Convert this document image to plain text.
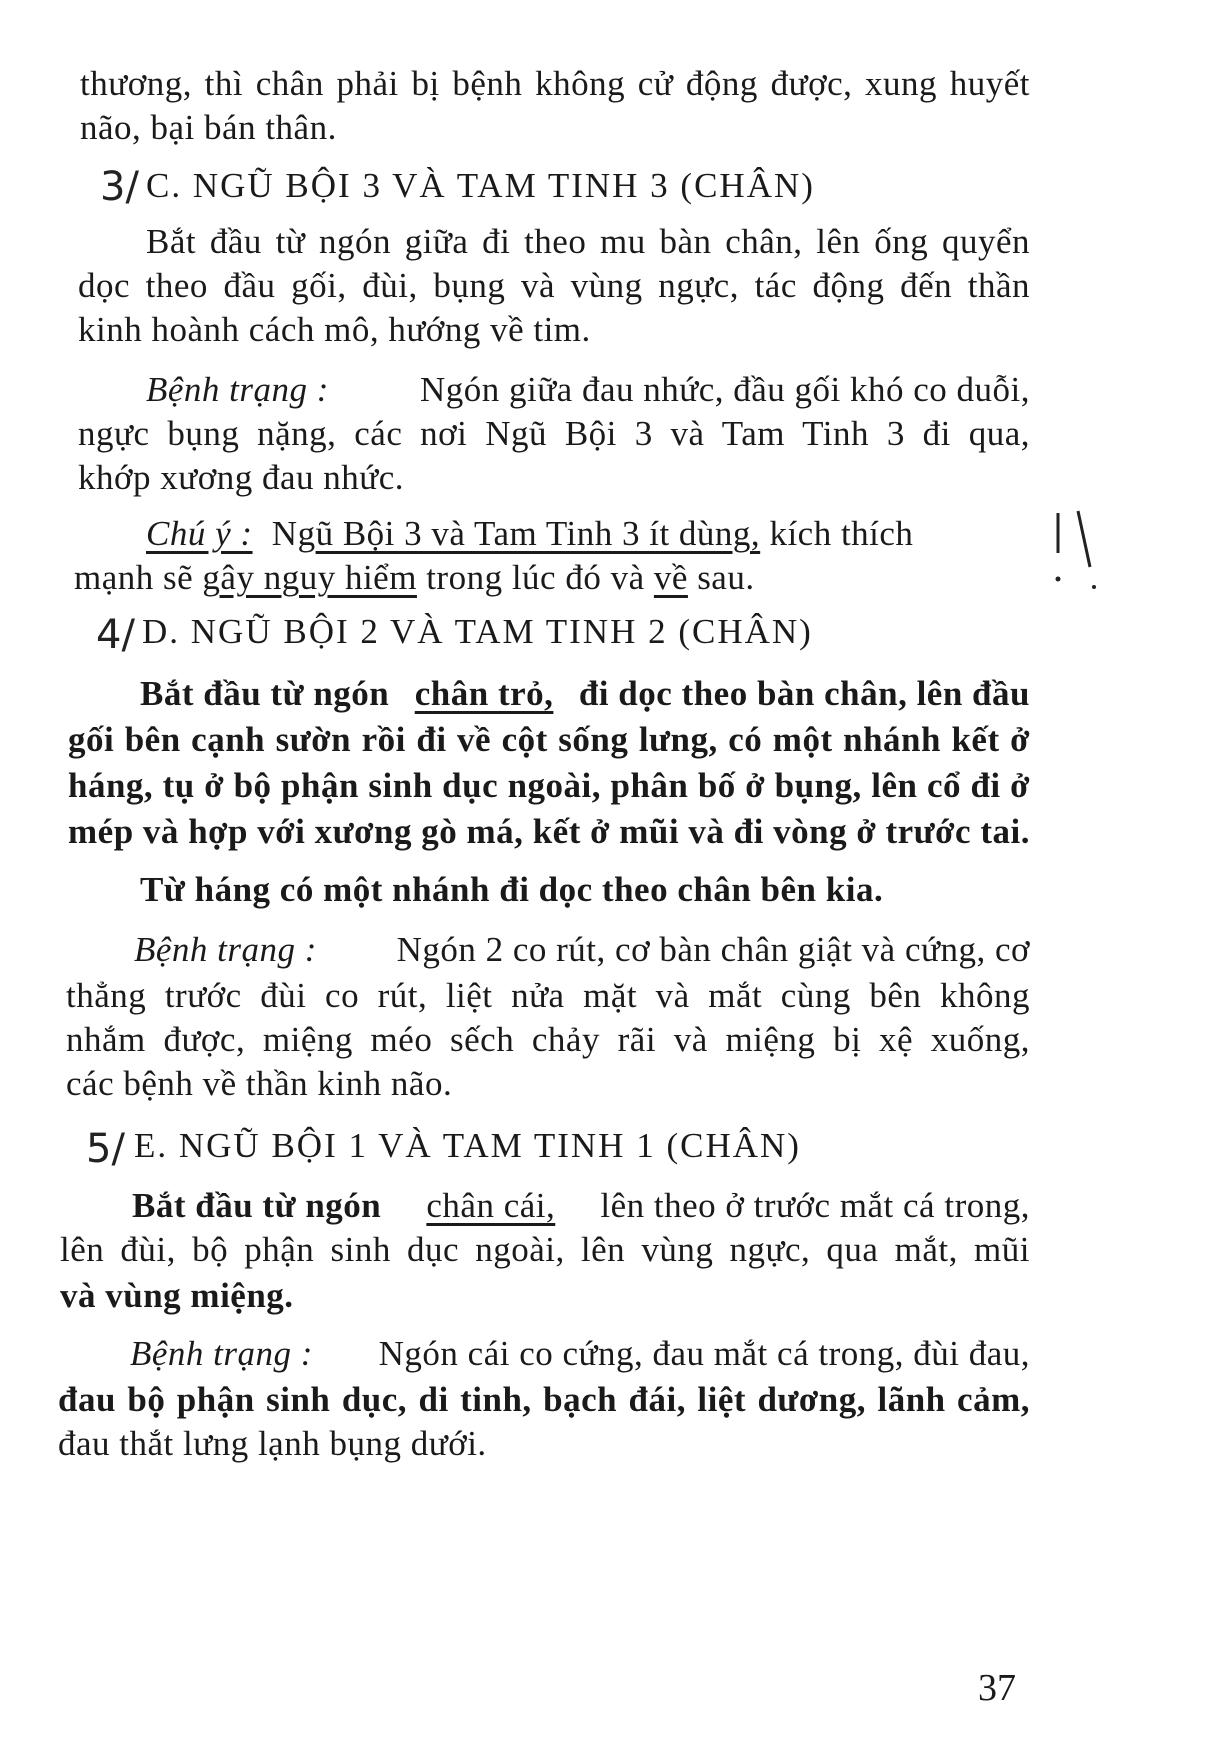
thương, thì chân phải bị bệnh không cử động được, xung huyết
não, bại bán thân.
3/ C. NGŨ BỘI 3 VÀ TAM TINH 3 (CHÂN)
Bắt đầu từ ngón giữa đi theo mu bàn chân, lên ống quyển
dọc theo đầu gối, đùi, bụng và vùng ngực, tác động đến thần
kinh hoành cách mô, hướng về tim.
Bệnh trạng :	Ngón giữa đau nhức, đầu gối khó co duỗi,
ngực bụng nặng, các nơi Ngũ Bội 3 và Tam Tinh 3 đi qua,
khớp xương đau nhức.
Chú ý : Ngũ Bội 3 và Tam Tinh 3 ít dùng, kích thích
mạnh sẽ gây nguy hiểm trong lúc đó và về sau.
4/ D. NGŨ BỘI 2 VÀ TAM TINH 2 (CHÂN)
Bắt đầu từ ngón chân trỏ, đi dọc theo bàn chân, lên đầu
gối bên cạnh sườn rồi đi về cột sống lưng, có một nhánh kết ở
háng, tụ ở bộ phận sinh dục ngoài, phân bố ở bụng, lên cổ đi ở
mép và hợp với xương gò má, kết ở mũi và đi vòng ở trước tai.
Từ háng có một nhánh đi dọc theo chân bên kia.
Bệnh trạng : Ngón 2 co rút, cơ bàn chân giật và cứng, cơ
thẳng trước đùi co rút, liệt nửa mặt và mắt cùng bên không
nhắm được, miệng méo sếch chảy rãi và miệng bị xệ xuống,
các bệnh về thần kinh não.
5/ E. NGŨ BỘI 1 VÀ TAM TINH 1 (CHÂN)
Bắt đầu từ ngón chân cái, lên theo ở trước mắt cá trong,
lên đùi, bộ phận sinh dục ngoài, lên vùng ngực, qua mắt, mũi
và vùng miệng.
Bệnh trạng : Ngón cái co cứng, đau mắt cá trong, đùi đau,
đau bộ phận sinh dục, di tinh, bạch đái, liệt dương, lãnh cảm,
đau thắt lưng lạnh bụng dưới.
37
